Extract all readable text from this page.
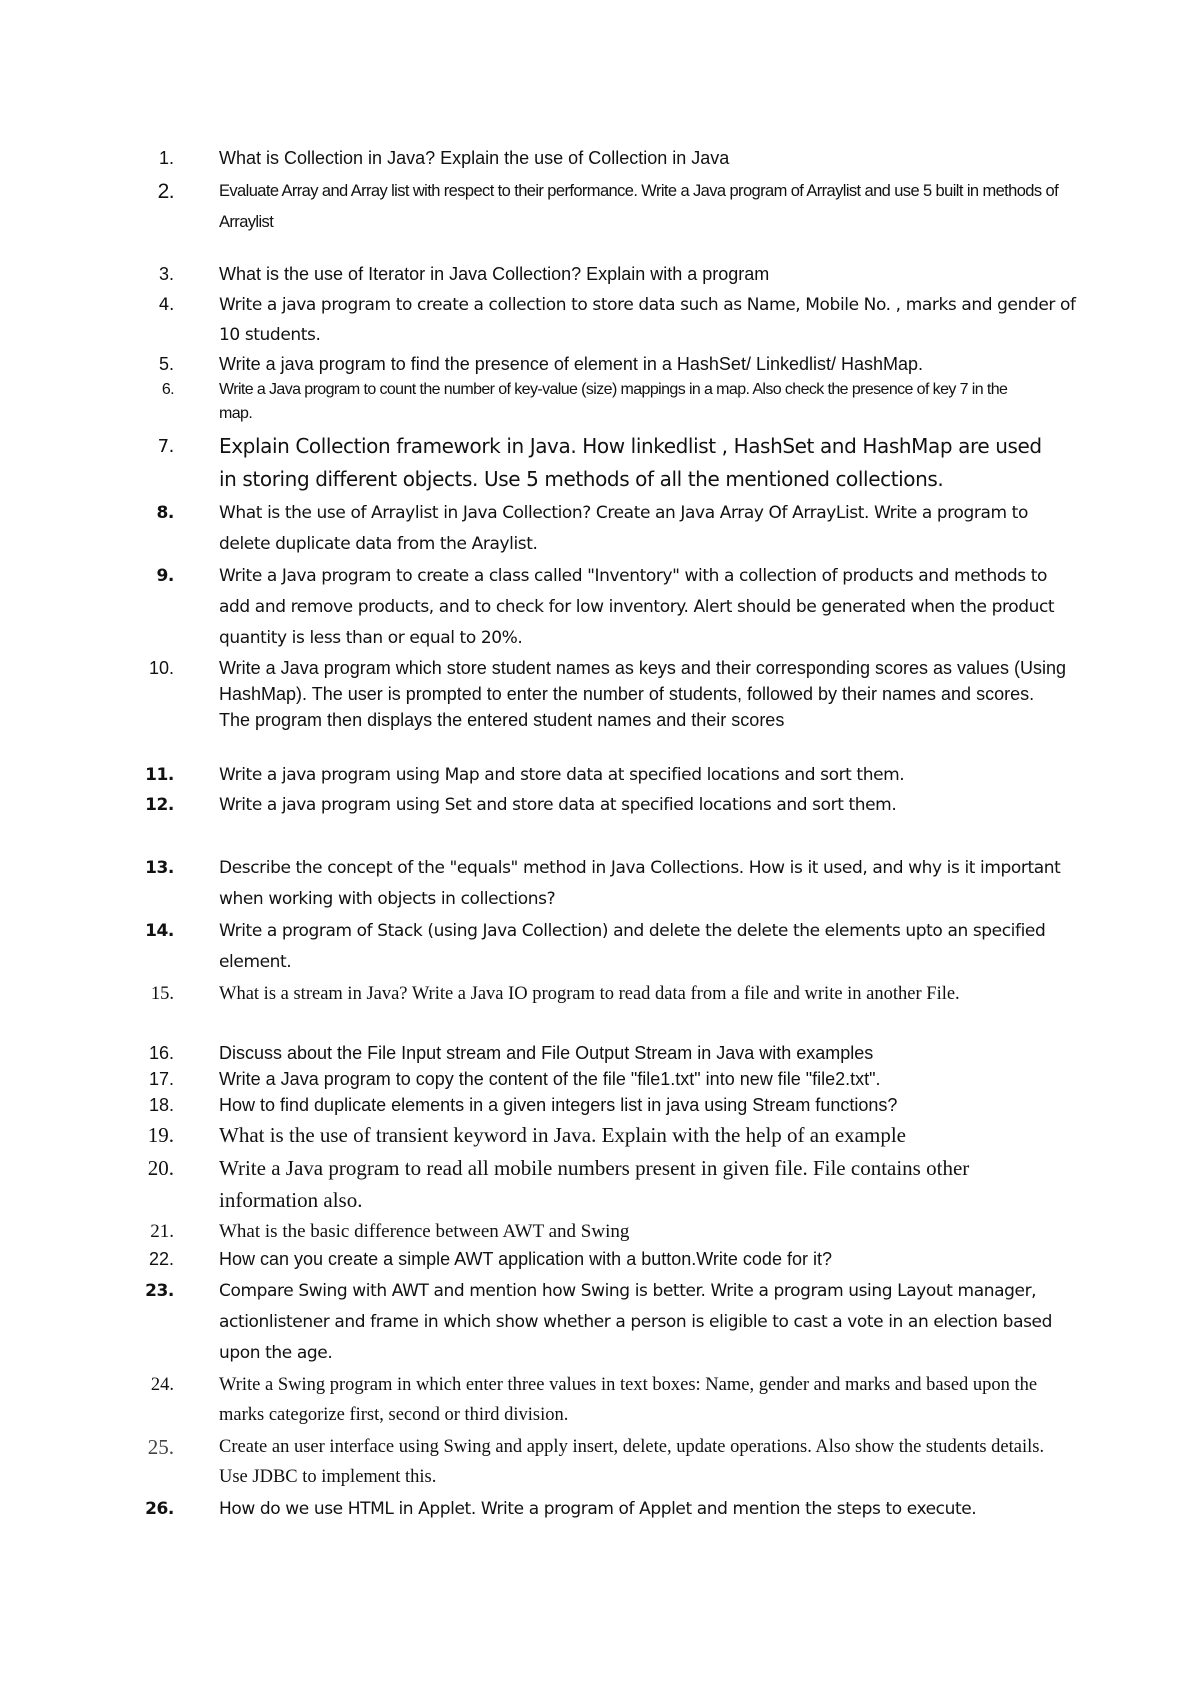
1.	What is Collection in Java? Explain the use of Collection in Java
2.	Evaluate Array and Array list with respect to their performance. Write a Java program of Arraylist and use 5 built in methods of Arraylist
3.	What is the use of Iterator in Java Collection? Explain with a program
4.	Write a java program to create a collection to store data such as Name, Mobile No. , marks and gender of 10 students.
5.	Write a java program to find the presence of element in a HashSet/ Linkedlist/ HashMap.
6.	Write a Java program to count the number of key-value (size) mappings in a map. Also check the presence of key 7 in the map.
7. Explain Collection framework in Java. How linkedlist , HashSet and HashMap are used in storing different objects. Use 5 methods of all the mentioned collections.
8.	What is the use of Arraylist in Java Collection? Create an Java Array Of ArrayList. Write a program to delete duplicate data from the Araylist.
9.	Write a Java program to create a class called "Inventory" with a collection of products and methods to add and remove products, and to check for low inventory. Alert should be generated when the product quantity is less than or equal to 20%.
10.	Write a Java program which store student names as keys and their corresponding scores as values (Using HashMap). The user is prompted to enter the number of students, followed by their names and scores. The program then displays the entered student names and their scores
11.	Write a java program using Map and store data at specified locations and sort them.
12.	Write a java program using Set and store data at specified locations and sort them.
13.	Describe the concept of the "equals" method in Java Collections. How is it used, and why is it important when working with objects in collections?
14.	Write a program of Stack (using Java Collection) and delete the delete the elements upto an specified element.
15. What is a stream in Java? Write a Java IO program to read data from a file and write in another File.
16.	Discuss about the File Input stream and File Output Stream in Java with examples
17.	Write a Java program to copy the content of the file "file1.txt" into new file "file2.txt".
18.	How to find duplicate elements in a given integers list in java using Stream functions?
19. What is the use of transient keyword in Java. Explain with the help of an example
20. Write a Java program to read all mobile numbers present in given file. File contains other information also.
21. What is the basic difference between AWT and Swing
22.	How can you create a simple AWT application with a button.Write code for it?
23.	Compare Swing with AWT and mention how Swing is better. Write a program using Layout manager, actionlistener and frame in which show whether a person is eligible to cast a vote in an election based upon the age.
24. Write a Swing program in which enter three values in text boxes: Name, gender and marks and based upon the marks categorize first, second or third division.
25. Create an user interface using Swing and apply insert, delete, update operations. Also show the students details. Use JDBC to implement this.
26.	How do we use HTML in Applet. Write a program of Applet and mention the steps to execute.
